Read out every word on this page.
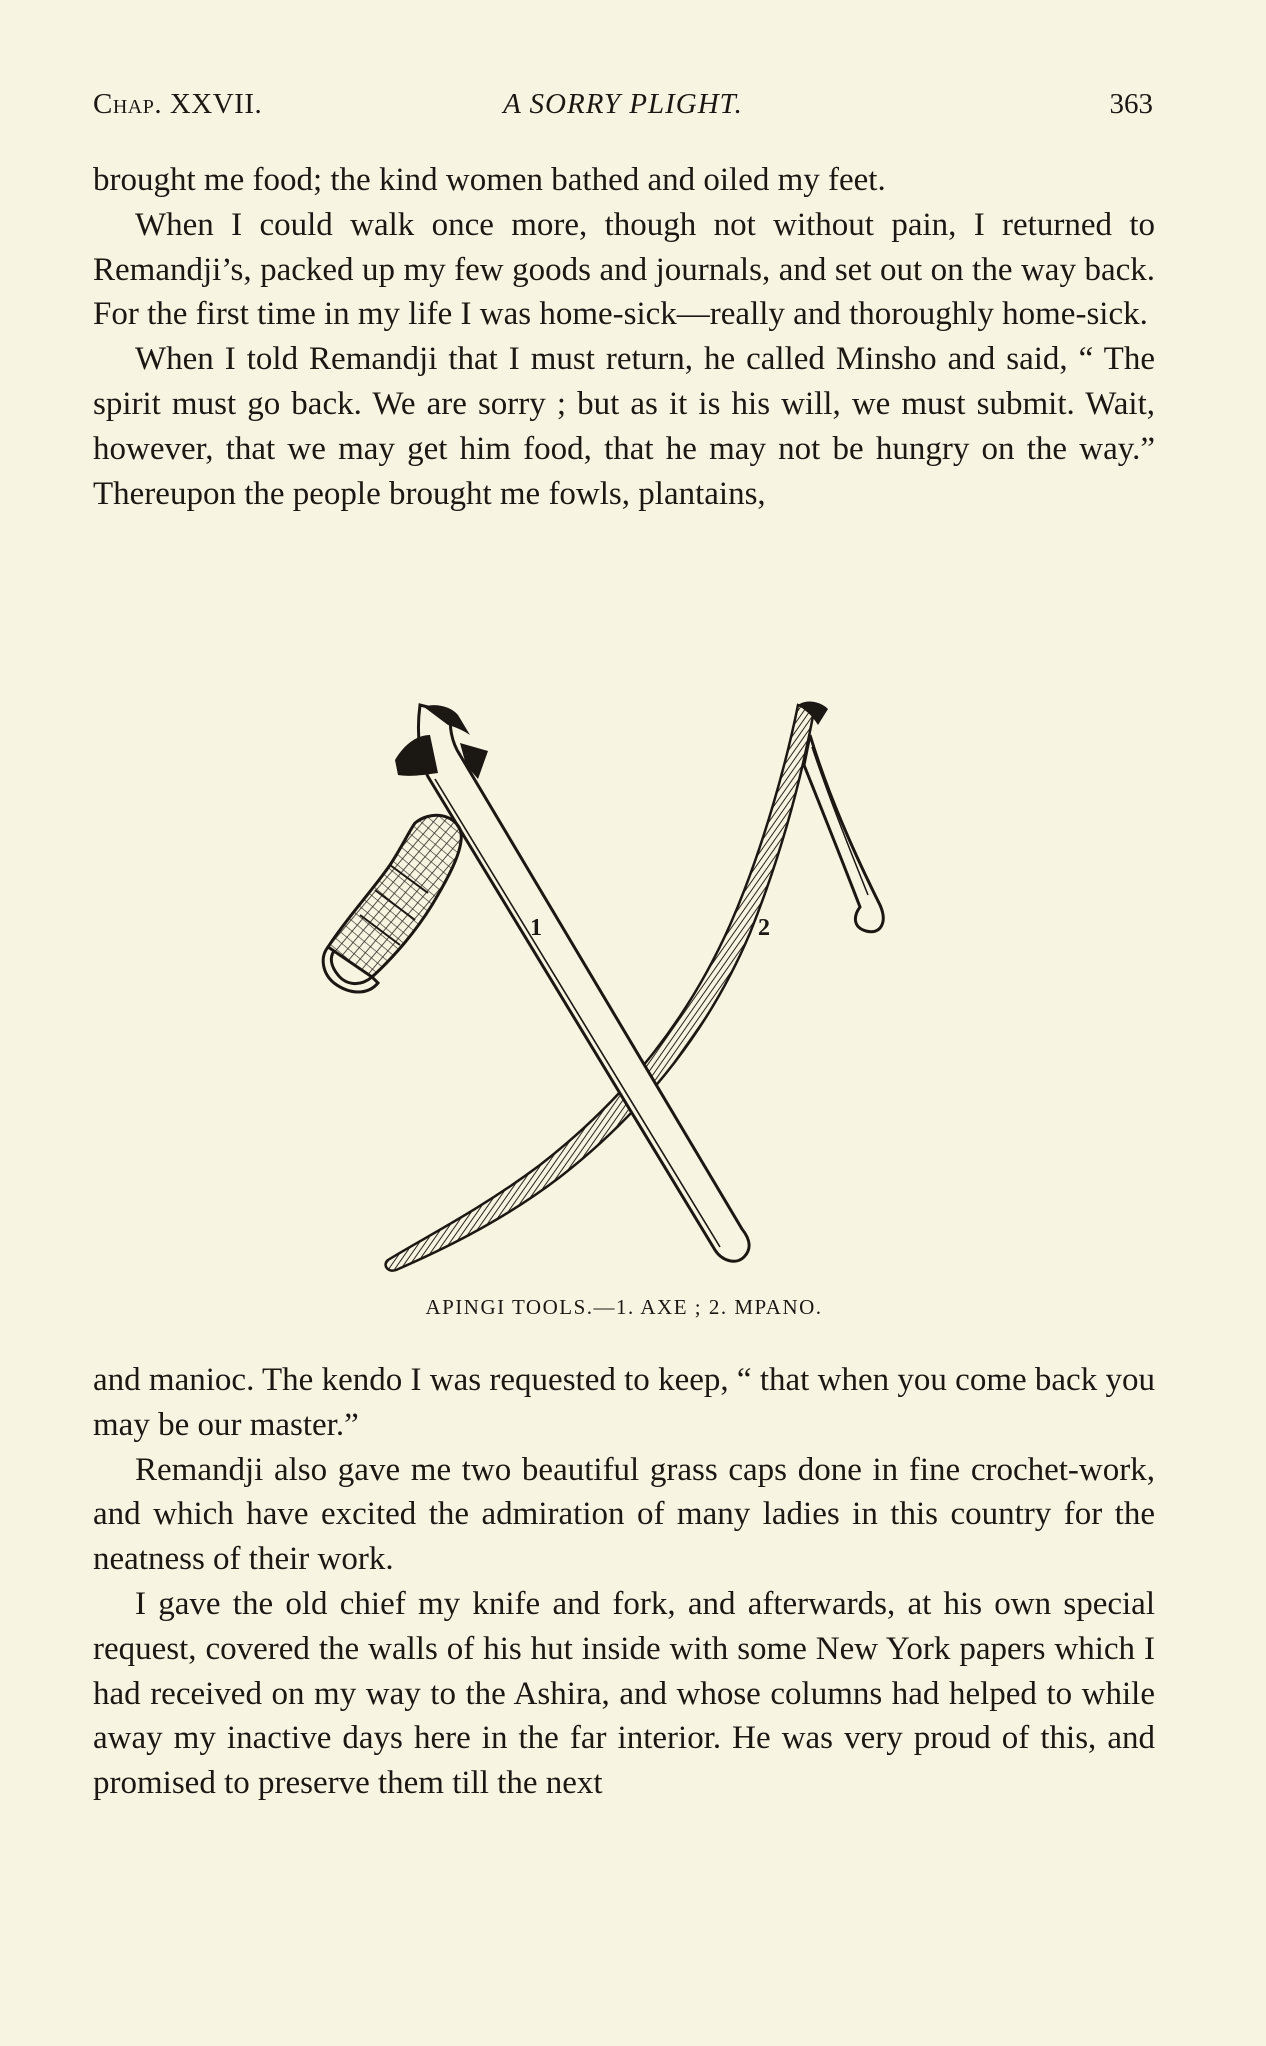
Chap. XXVII.	A SORRY PLIGHT.	363

brought me food; the kind women bathed and oiled my feet.

When I could walk once more, though not without pain, I returned to Remandji’s, packed up my few goods and journals, and set out on the way back. For the first time in my life I was home-sick—really and thoroughly home-sick.

When I told Remandji that I must return, he called Minsho and said, “ The spirit must go back. We are sorry ; but as it is his will, we must submit. Wait, however, that we may get him food, that he may not be hungry on the way.” Thereupon the people brought me fowls, plantains,

1	2
APINGI TOOLS.—1. AXE ; 2. MPANO.

and manioc. The kendo I was requested to keep, “ that when you come back you may be our master.”

Remandji also gave me two beautiful grass caps done in fine crochet-work, and which have excited the admiration of many ladies in this country for the neatness of their work.

I gave the old chief my knife and fork, and afterwards, at his own special request, covered the walls of his hut inside with some New York papers which I had received on my way to the Ashira, and whose columns had helped to while away my inactive days here in the far interior. He was very proud of this, and promised to preserve them till the next
